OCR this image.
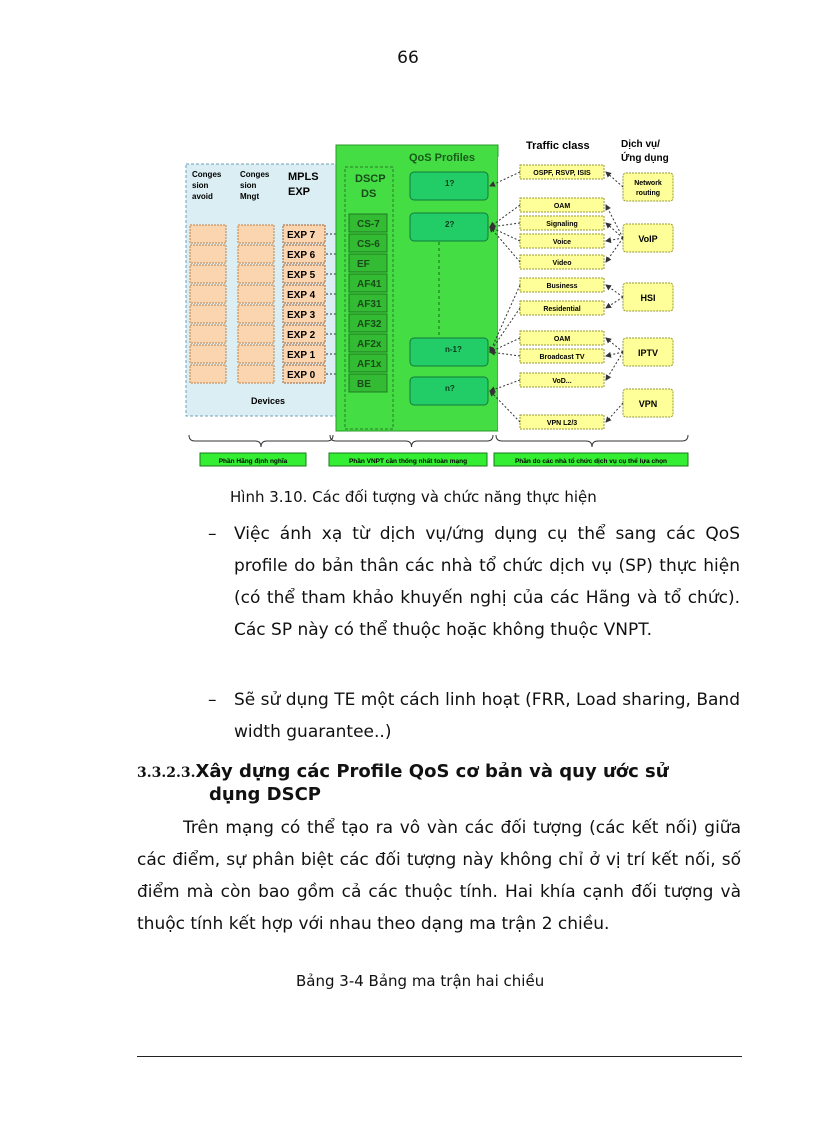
66
Conges
sion
avoid
Conges
sion
Mngt
MPLS
EXP
EXP 7
EXP 6
EXP 5
EXP 4
EXP 3
EXP 2
EXP 1
EXP 0
Devices
QoS Profiles
DSCP
DS
CS-7
CS-6
EF
AF41
AF31
AF32
AF2x
AF1x
BE
1?
2?
n-1?
n?
Traffic class	Dịch vụ/
Ứng dụng
OSPF, RSVP, ISIS
OAM
Signaling
Voice
Video
Business
Residential
OAM
Broadcast TV
VoD...
VPN L2/3
Network
routing
VoIP
HSI
IPTV
VPN
Phần Hãng định nghĩa	Phần VNPT cần thống nhất toàn mạng	Phần do các nhà tổ chức dịch vụ cụ thể lựa chọn
Hình 3.10. Các đối tượng và chức năng thực hiện
– Việc ánh xạ từ dịch vụ/ứng dụng cụ thể sang các QoS profile do bản thân các nhà tổ chức dịch vụ (SP) thực hiện (có thể tham khảo khuyến nghị của các Hãng và tổ chức). Các SP này có thể thuộc hoặc không thuộc VNPT.
– Sẽ sử dụng TE một cách linh hoạt (FRR, Load sharing, Band width guarantee..)
3.3.2.3.Xây dựng các Profile QoS cơ bản và quy ước sử
dụng DSCP
Trên mạng có thể tạo ra vô vàn các đối tượng (các kết nối) giữa các điểm, sự phân biệt các đối tượng này không chỉ ở vị trí kết nối, số điểm mà còn bao gồm cả các thuộc tính. Hai khía cạnh đối tượng và thuộc tính kết hợp với nhau theo dạng ma trận 2 chiều.
Bảng 3-4 Bảng ma trận hai chiều
